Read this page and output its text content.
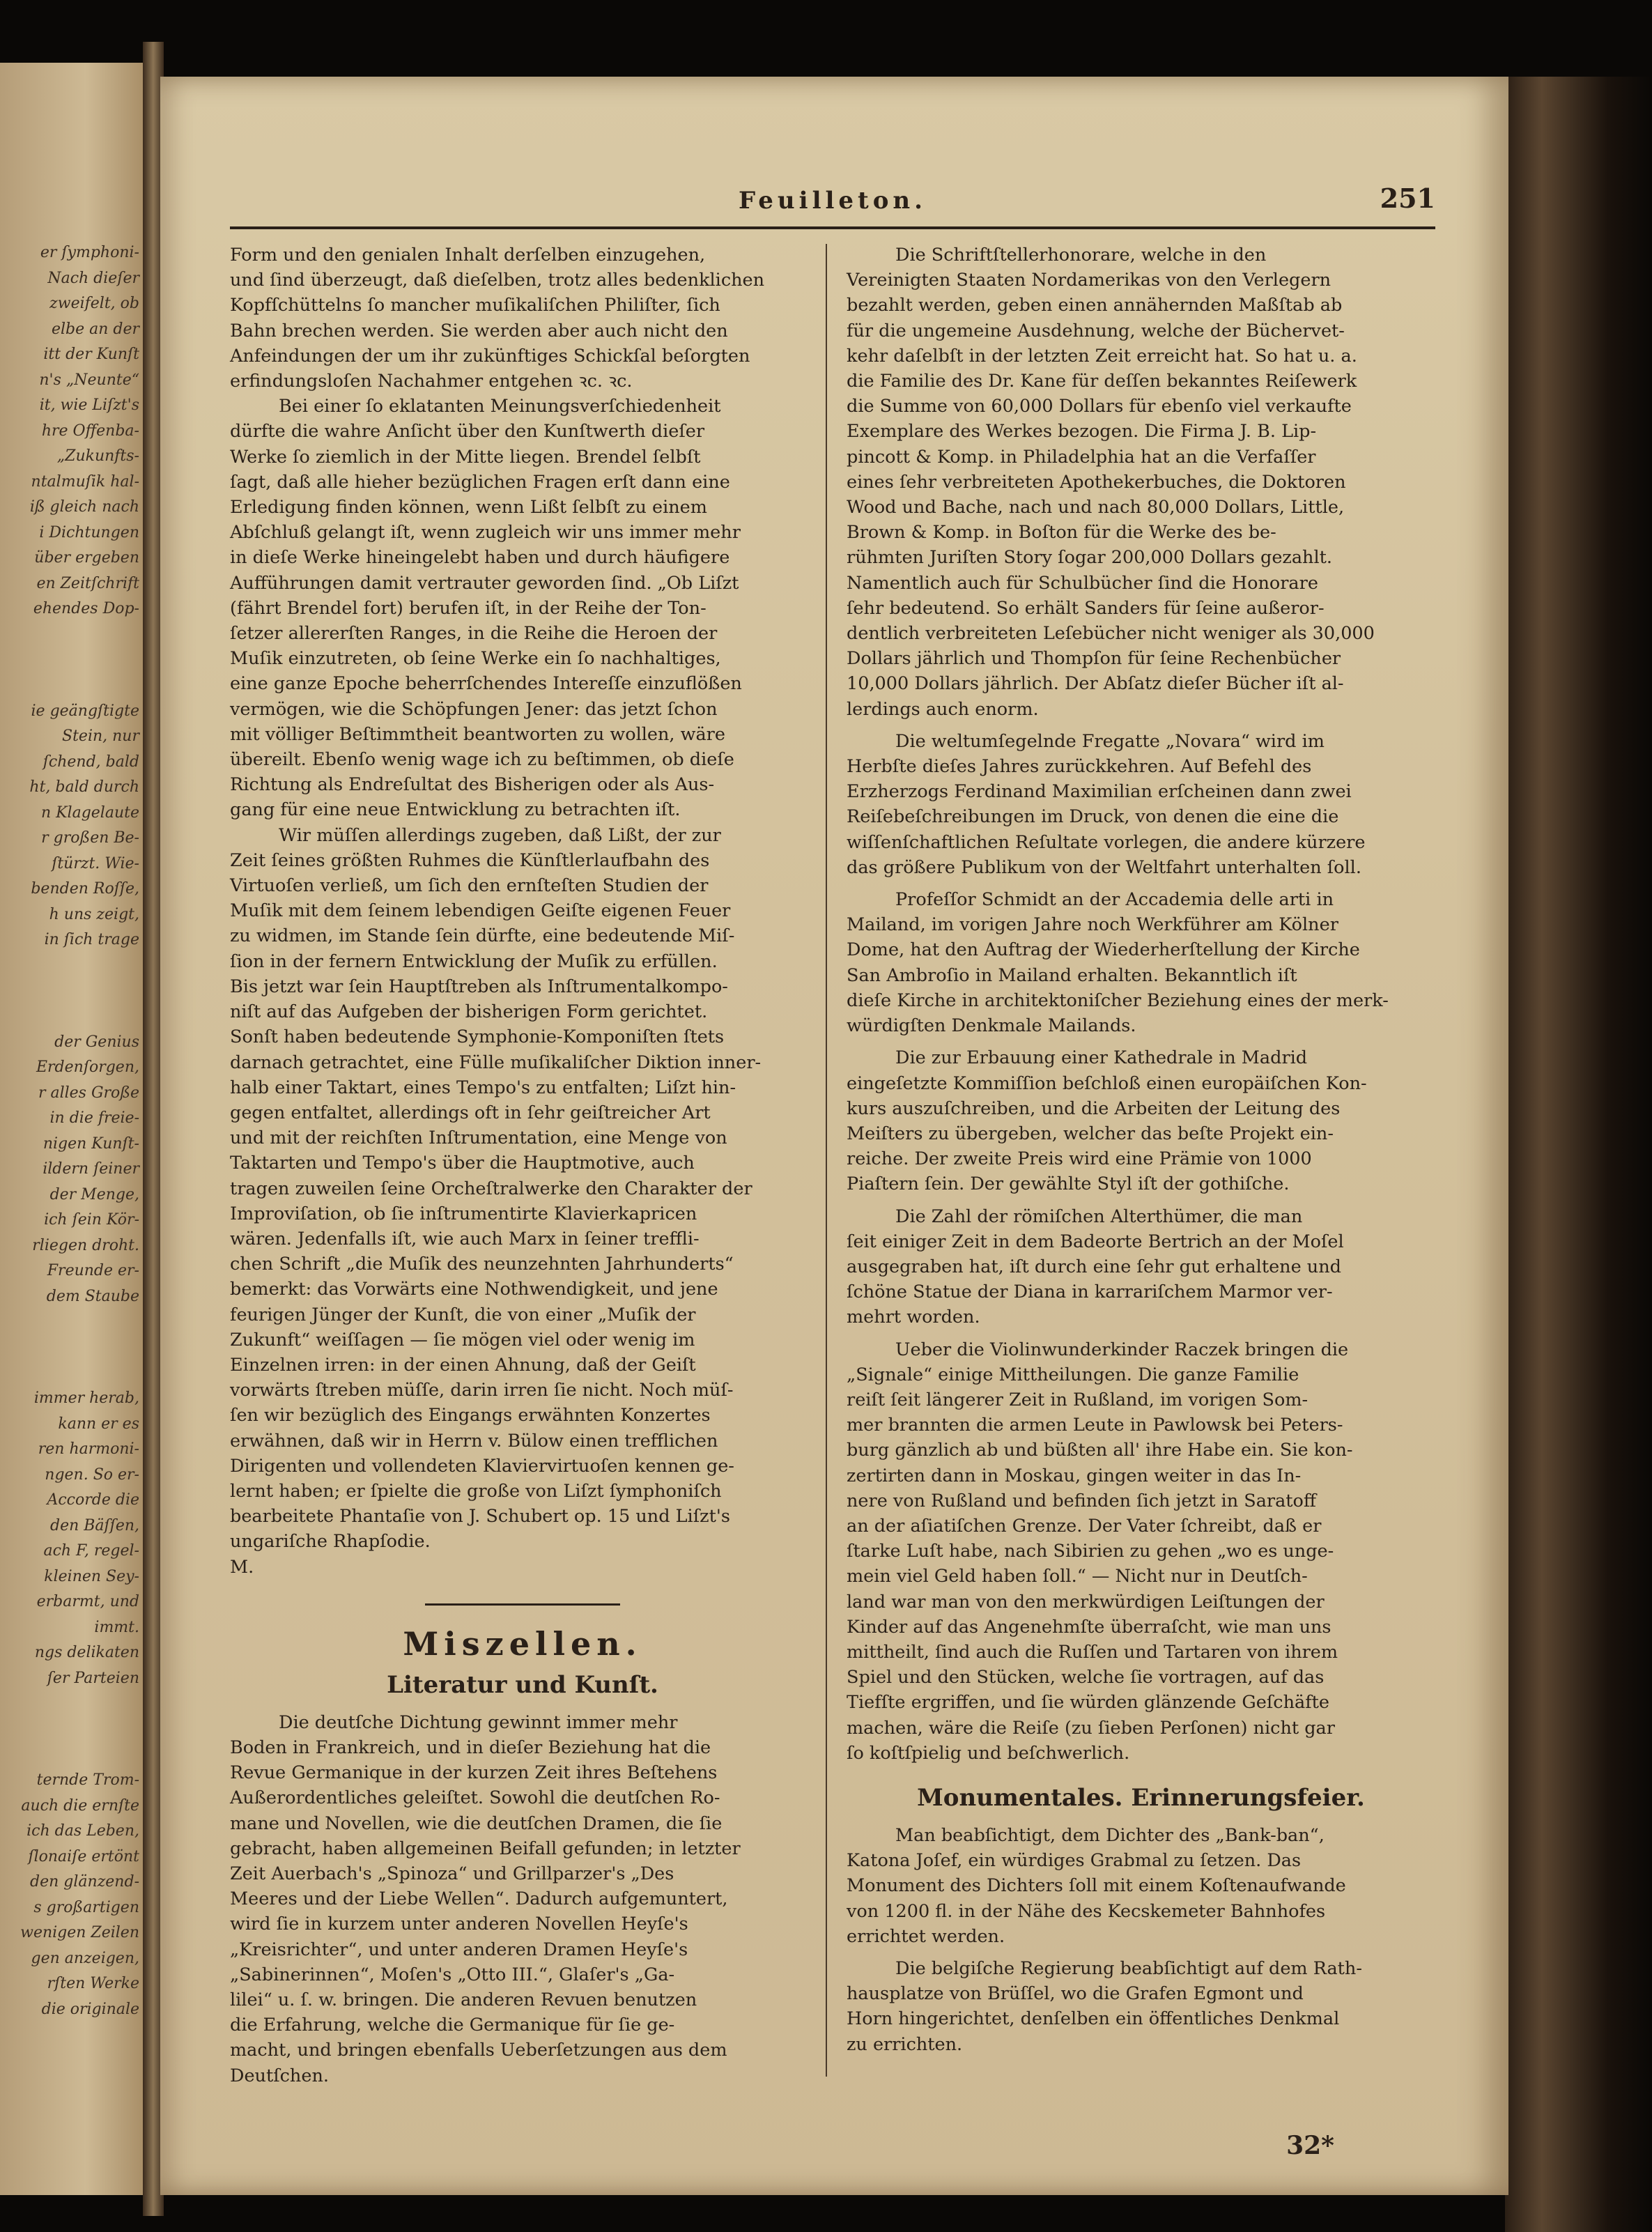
er ſymphoni-
Nach dieſer
zweifelt, ob
elbe an der
itt der Kunſt
n's „Neunte“
it, wie Liſzt's
hre Offenba-
„Zukunfts-
ntalmuſik hal-
iß gleich nach
i Dichtungen
über ergeben
en Zeitſchrift
ehendes Dop-
ie geängſtigte
Stein, nur
ſchend, bald
ht, bald durch
n Klagelaute
r großen Be-
ſtürzt. Wie-
benden Roſſe,
h uns zeigt,
in ſich trage
der Genius
Erdenſorgen,
r alles Große
in die freie-
nigen Kunſt-
ildern ſeiner
der Menge,
ich ſein Kör-
rliegen droht.
Freunde er-
dem Staube
immer herab,
kann er es
ren harmoni-
ngen. So er-
Accorde die
den Bäſſen,
ach F, regel-
kleinen Sey-
erbarmt, und
immt.
ngs delikaten
ſer Parteien
ternde Trom-
auch die ernſte
ich das Leben,
ſlonaiſe ertönt
den glänzend-
s großartigen
wenigen Zeilen
gen anzeigen,
rſten Werke
die originale
Feuilleton.	251

Form und den genialen Inhalt derſelben einzugehen,
und ſind überzeugt, daß dieſelben, trotz alles bedenklichen
Kopfſchüttelns ſo mancher muſikaliſchen Philiſter, ſich
Bahn brechen werden. Sie werden aber auch nicht den
Anfeindungen der um ihr zukünftiges Schickſal beſorgten
erfindungsloſen Nachahmer entgehen ꝛc. ꝛc.

Bei einer ſo eklatanten Meinungsverſchiedenheit
dürfte die wahre Anſicht über den Kunſtwerth dieſer
Werke ſo ziemlich in der Mitte liegen. Brendel ſelbſt
ſagt, daß alle hieher bezüglichen Fragen erſt dann eine
Erledigung finden können, wenn Lißt ſelbſt zu einem
Abſchluß gelangt iſt, wenn zugleich wir uns immer mehr
in dieſe Werke hineingelebt haben und durch häufigere
Aufführungen damit vertrauter geworden ſind. „Ob Liſzt
(fährt Brendel fort) berufen iſt, in der Reihe der Ton-
ſetzer allererſten Ranges, in die Reihe die Heroen der
Muſik einzutreten, ob ſeine Werke ein ſo nachhaltiges,
eine ganze Epoche beherrſchendes Intereſſe einzuflößen
vermögen, wie die Schöpfungen Jener: das jetzt ſchon
mit völliger Beſtimmtheit beantworten zu wollen, wäre
übereilt. Ebenſo wenig wage ich zu beſtimmen, ob dieſe
Richtung als Endreſultat des Bisherigen oder als Aus-
gang für eine neue Entwicklung zu betrachten iſt.

Wir müſſen allerdings zugeben, daß Lißt, der zur
Zeit ſeines größten Ruhmes die Künſtlerlaufbahn des
Virtuoſen verließ, um ſich den ernſteſten Studien der
Muſik mit dem ſeinem lebendigen Geiſte eigenen Feuer
zu widmen, im Stande ſein dürfte, eine bedeutende Miſ-
ſion in der fernern Entwicklung der Muſik zu erfüllen.
Bis jetzt war ſein Hauptſtreben als Inſtrumentalkompo-
niſt auf das Aufgeben der bisherigen Form gerichtet.
Sonſt haben bedeutende Symphonie-Komponiſten ſtets
darnach getrachtet, eine Fülle muſikaliſcher Diktion inner-
halb einer Taktart, eines Tempo's zu entfalten; Liſzt hin-
gegen entfaltet, allerdings oft in ſehr geiſtreicher Art
und mit der reichſten Inſtrumentation, eine Menge von
Taktarten und Tempo's über die Hauptmotive, auch
tragen zuweilen ſeine Orcheſtralwerke den Charakter der
Improviſation, ob ſie inſtrumentirte Klavierkapricen
wären. Jedenfalls iſt, wie auch Marx in ſeiner treffli-
chen Schrift „die Muſik des neunzehnten Jahrhunderts“
bemerkt: das Vorwärts eine Nothwendigkeit, und jene
feurigen Jünger der Kunſt, die von einer „Muſik der
Zukunft“ weiſſagen — ſie mögen viel oder wenig im
Einzelnen irren: in der einen Ahnung, daß der Geiſt
vorwärts ſtreben müſſe, darin irren ſie nicht. Noch müſ-
ſen wir bezüglich des Eingangs erwähnten Konzertes
erwähnen, daß wir in Herrn v. Bülow einen trefflichen
Dirigenten und vollendeten Klaviervirtuoſen kennen ge-
lernt haben; er ſpielte die große von Liſzt ſymphoniſch
bearbeitete Phantaſie von J. Schubert op. 15 und Liſzt's
ungariſche Rhapſodie.

M.

Miszellen.
Literatur und Kunſt.

Die deutſche Dichtung gewinnt immer mehr
Boden in Frankreich, und in dieſer Beziehung hat die
Revue Germanique in der kurzen Zeit ihres Beſtehens
Außerordentliches geleiſtet. Sowohl die deutſchen Ro-
mane und Novellen, wie die deutſchen Dramen, die ſie
gebracht, haben allgemeinen Beifall gefunden; in letzter
Zeit Auerbach's „Spinoza“ und Grillparzer's „Des
Meeres und der Liebe Wellen“. Dadurch aufgemuntert,
wird ſie in kurzem unter anderen Novellen Heyſe's
„Kreisrichter“, und unter anderen Dramen Heyſe's
„Sabinerinnen“, Moſen's „Otto III.“, Glaſer's „Ga-
lilei“ u. ſ. w. bringen. Die anderen Revuen benutzen
die Erfahrung, welche die Germanique für ſie ge-
macht, und bringen ebenfalls Ueberſetzungen aus dem
Deutſchen.

Die Schriftſtellerhonorare, welche in den
Vereinigten Staaten Nordamerikas von den Verlegern
bezahlt werden, geben einen annähernden Maßſtab ab
für die ungemeine Ausdehnung, welche der Büchervet-
kehr daſelbſt in der letzten Zeit erreicht hat. So hat u. a.
die Familie des Dr. Kane für deſſen bekanntes Reiſewerk
die Summe von 60,000 Dollars für ebenſo viel verkaufte
Exemplare des Werkes bezogen. Die Firma J. B. Lip-
pincott & Komp. in Philadelphia hat an die Verfaſſer
eines ſehr verbreiteten Apothekerbuches, die Doktoren
Wood und Bache, nach und nach 80,000 Dollars, Little,
Brown & Komp. in Boſton für die Werke des be-
rühmten Juriſten Story ſogar 200,000 Dollars gezahlt.
Namentlich auch für Schulbücher ſind die Honorare
ſehr bedeutend. So erhält Sanders für ſeine außeror-
dentlich verbreiteten Leſebücher nicht weniger als 30,000
Dollars jährlich und Thompſon für ſeine Rechenbücher
10,000 Dollars jährlich. Der Abſatz dieſer Bücher iſt al-
lerdings auch enorm.

Die weltumſegelnde Fregatte „Novara“ wird im
Herbſte dieſes Jahres zurückkehren. Auf Befehl des
Erzherzogs Ferdinand Maximilian erſcheinen dann zwei
Reiſebeſchreibungen im Druck, von denen die eine die
wiſſenſchaftlichen Reſultate vorlegen, die andere kürzere
das größere Publikum von der Weltfahrt unterhalten ſoll.

Profeſſor Schmidt an der Accademia delle arti in
Mailand, im vorigen Jahre noch Werkführer am Kölner
Dome, hat den Auftrag der Wiederherſtellung der Kirche
San Ambroſio in Mailand erhalten. Bekanntlich iſt
dieſe Kirche in architektoniſcher Beziehung eines der merk-
würdigſten Denkmale Mailands.

Die zur Erbauung einer Kathedrale in Madrid
eingeſetzte Kommiſſion beſchloß einen europäiſchen Kon-
kurs auszuſchreiben, und die Arbeiten der Leitung des
Meiſters zu übergeben, welcher das beſte Projekt ein-
reiche. Der zweite Preis wird eine Prämie von 1000
Piaſtern ſein. Der gewählte Styl iſt der gothiſche.

Die Zahl der römiſchen Alterthümer, die man
ſeit einiger Zeit in dem Badeorte Bertrich an der Moſel
ausgegraben hat, iſt durch eine ſehr gut erhaltene und
ſchöne Statue der Diana in karrariſchem Marmor ver-
mehrt worden.

Ueber die Violinwunderkinder Raczek bringen die
„Signale“ einige Mittheilungen. Die ganze Familie
reiſt ſeit längerer Zeit in Rußland, im vorigen Som-
mer brannten die armen Leute in Pawlowsk bei Peters-
burg gänzlich ab und büßten all' ihre Habe ein. Sie kon-
zertirten dann in Moskau, gingen weiter in das In-
nere von Rußland und befinden ſich jetzt in Saratoff
an der aſiatiſchen Grenze. Der Vater ſchreibt, daß er
ſtarke Luſt habe, nach Sibirien zu gehen „wo es unge-
mein viel Geld haben ſoll.“ — Nicht nur in Deutſch-
land war man von den merkwürdigen Leiſtungen der
Kinder auf das Angenehmſte überraſcht, wie man uns
mittheilt, ſind auch die Ruſſen und Tartaren von ihrem
Spiel und den Stücken, welche ſie vortragen, auf das
Tiefſte ergriffen, und ſie würden glänzende Geſchäfte
machen, wäre die Reiſe (zu ſieben Perſonen) nicht gar
ſo koſtſpielig und beſchwerlich.

Monumentales. Erinnerungsfeier.

Man beabſichtigt, dem Dichter des „Bank-ban“,
Katona Joſef, ein würdiges Grabmal zu ſetzen. Das
Monument des Dichters ſoll mit einem Koſtenaufwande
von 1200 fl. in der Nähe des Kecskemeter Bahnhofes
errichtet werden.

Die belgiſche Regierung beabſichtigt auf dem Rath-
hausplatze von Brüſſel, wo die Grafen Egmont und
Horn hingerichtet, denſelben ein öffentliches Denkmal
zu errichten.

32*
